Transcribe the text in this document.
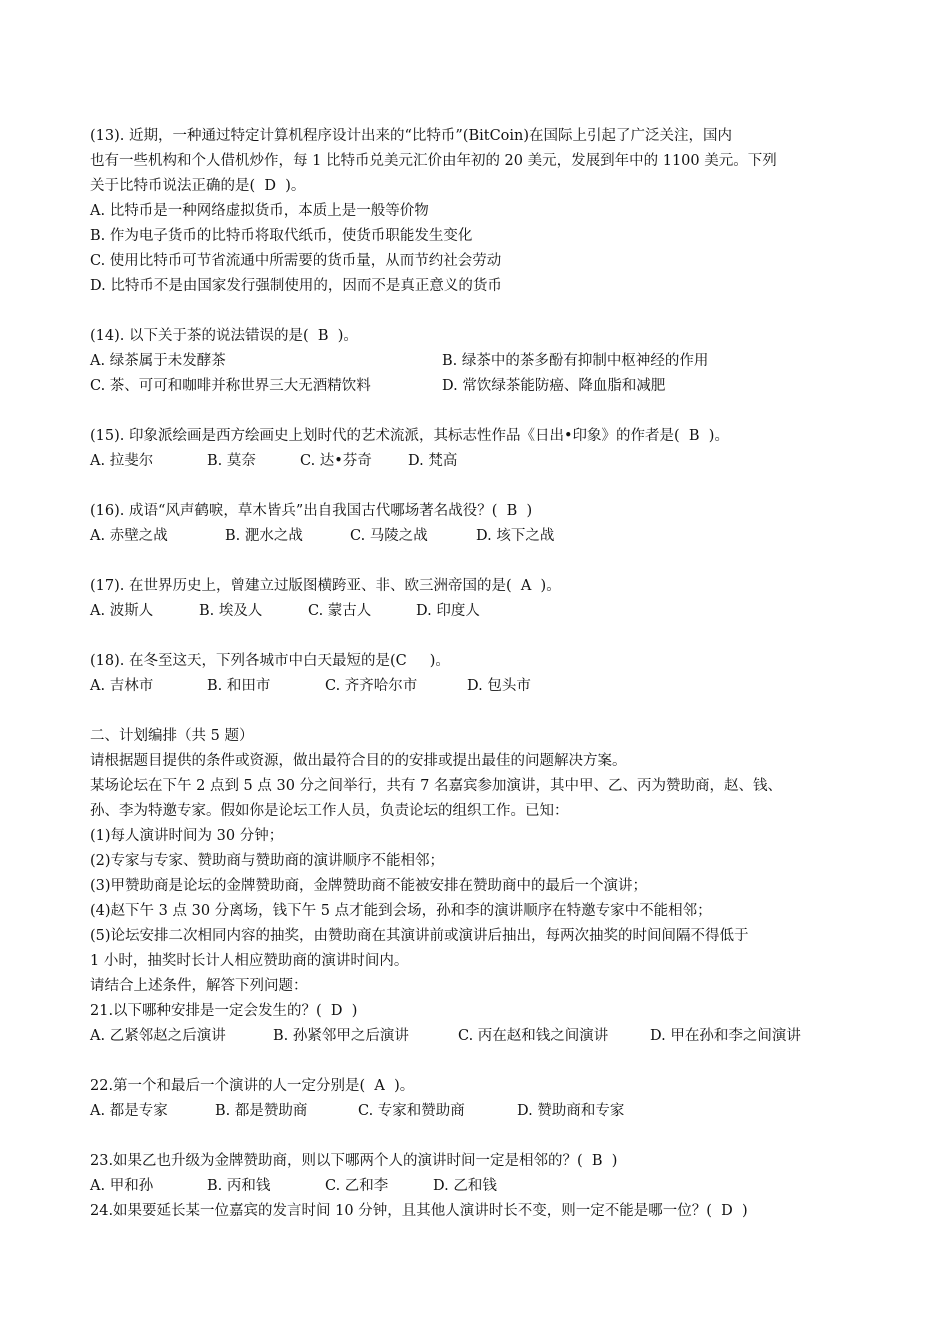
(13). 近期，一种通过特定计算机程序设计出来的“比特币”(BitCoin)在国际上引起了广泛关注，国内
也有一些机构和个人借机炒作，每 1 比特币兑美元汇价由年初的 20 美元，发展到年中的 1100 美元。下列
关于比特币说法正确的是(  D  )。
A. 比特币是一种网络虚拟货币，本质上是一般等价物
B. 作为电子货币的比特币将取代纸币，使货币职能发生变化
C. 使用比特币可节省流通中所需要的货币量，从而节约社会劳动
D. 比特币不是由国家发行强制使用的，因而不是真正意义的货币
(14). 以下关于茶的说法错误的是(  B  )。
A. 绿茶属于未发酵茶	B. 绿茶中的茶多酚有抑制中枢神经的作用
C. 茶、可可和咖啡并称世界三大无酒精饮料	D. 常饮绿茶能防癌、降血脂和减肥
(15). 印象派绘画是西方绘画史上划时代的艺术流派，其标志性作品《日出•印象》的作者是(  B  )。
A. 拉斐尔	B. 莫奈	C. 达•芬奇 D. 梵高
(16). 成语“风声鹤唳，草木皆兵”出自我国古代哪场著名战役？(  B  )
A. 赤壁之战	B. 淝水之战	C. 马陵之战	D. 垓下之战
(17). 在世界历史上，曾建立过版图横跨亚、非、欧三洲帝国的是(  A  )。
A. 波斯人	B. 埃及人	C. 蒙古人	D. 印度人
(18). 在冬至这天，下列各城市中白天最短的是(C     )。
A. 吉林市	B. 和田市	C. 齐齐哈尔市	D. 包头市
二、计划编排（共 5 题）
请根据题目提供的条件或资源，做出最符合目的的安排或提出最佳的问题解决方案。
某场论坛在下午 2 点到 5 点 30 分之间举行，共有 7 名嘉宾参加演讲，其中甲、乙、丙为赞助商，赵、钱、
孙、李为特邀专家。假如你是论坛工作人员，负责论坛的组织工作。已知：
(1)每人演讲时间为 30 分钟；
(2)专家与专家、赞助商与赞助商的演讲顺序不能相邻；
(3)甲赞助商是论坛的金牌赞助商，金牌赞助商不能被安排在赞助商中的最后一个演讲；
(4)赵下午 3 点 30 分离场，钱下午 5 点才能到会场，孙和李的演讲顺序在特邀专家中不能相邻；
(5)论坛安排二次相同内容的抽奖，由赞助商在其演讲前或演讲后抽出，每两次抽奖的时间间隔不得低于
1 小时，抽奖时长计人相应赞助商的演讲时间内。
请结合上述条件，解答下列问题：
21.以下哪种安排是一定会发生的？(  D  )
A. 乙紧邻赵之后演讲	B. 孙紧邻甲之后演讲	C. 丙在赵和钱之间演讲	D. 甲在孙和李之间演讲
22.第一个和最后一个演讲的人一定分别是(  A  )。
A. 都是专家	B. 都是赞助商	C. 专家和赞助商	D. 赞助商和专家
23.如果乙也升级为金牌赞助商，则以下哪两个人的演讲时间一定是相邻的？(  B  )
A. 甲和孙	B. 丙和钱	C. 乙和李	D. 乙和钱
24.如果要延长某一位嘉宾的发言时间 10 分钟，且其他人演讲时长不变，则一定不能是哪一位？(  D  )
